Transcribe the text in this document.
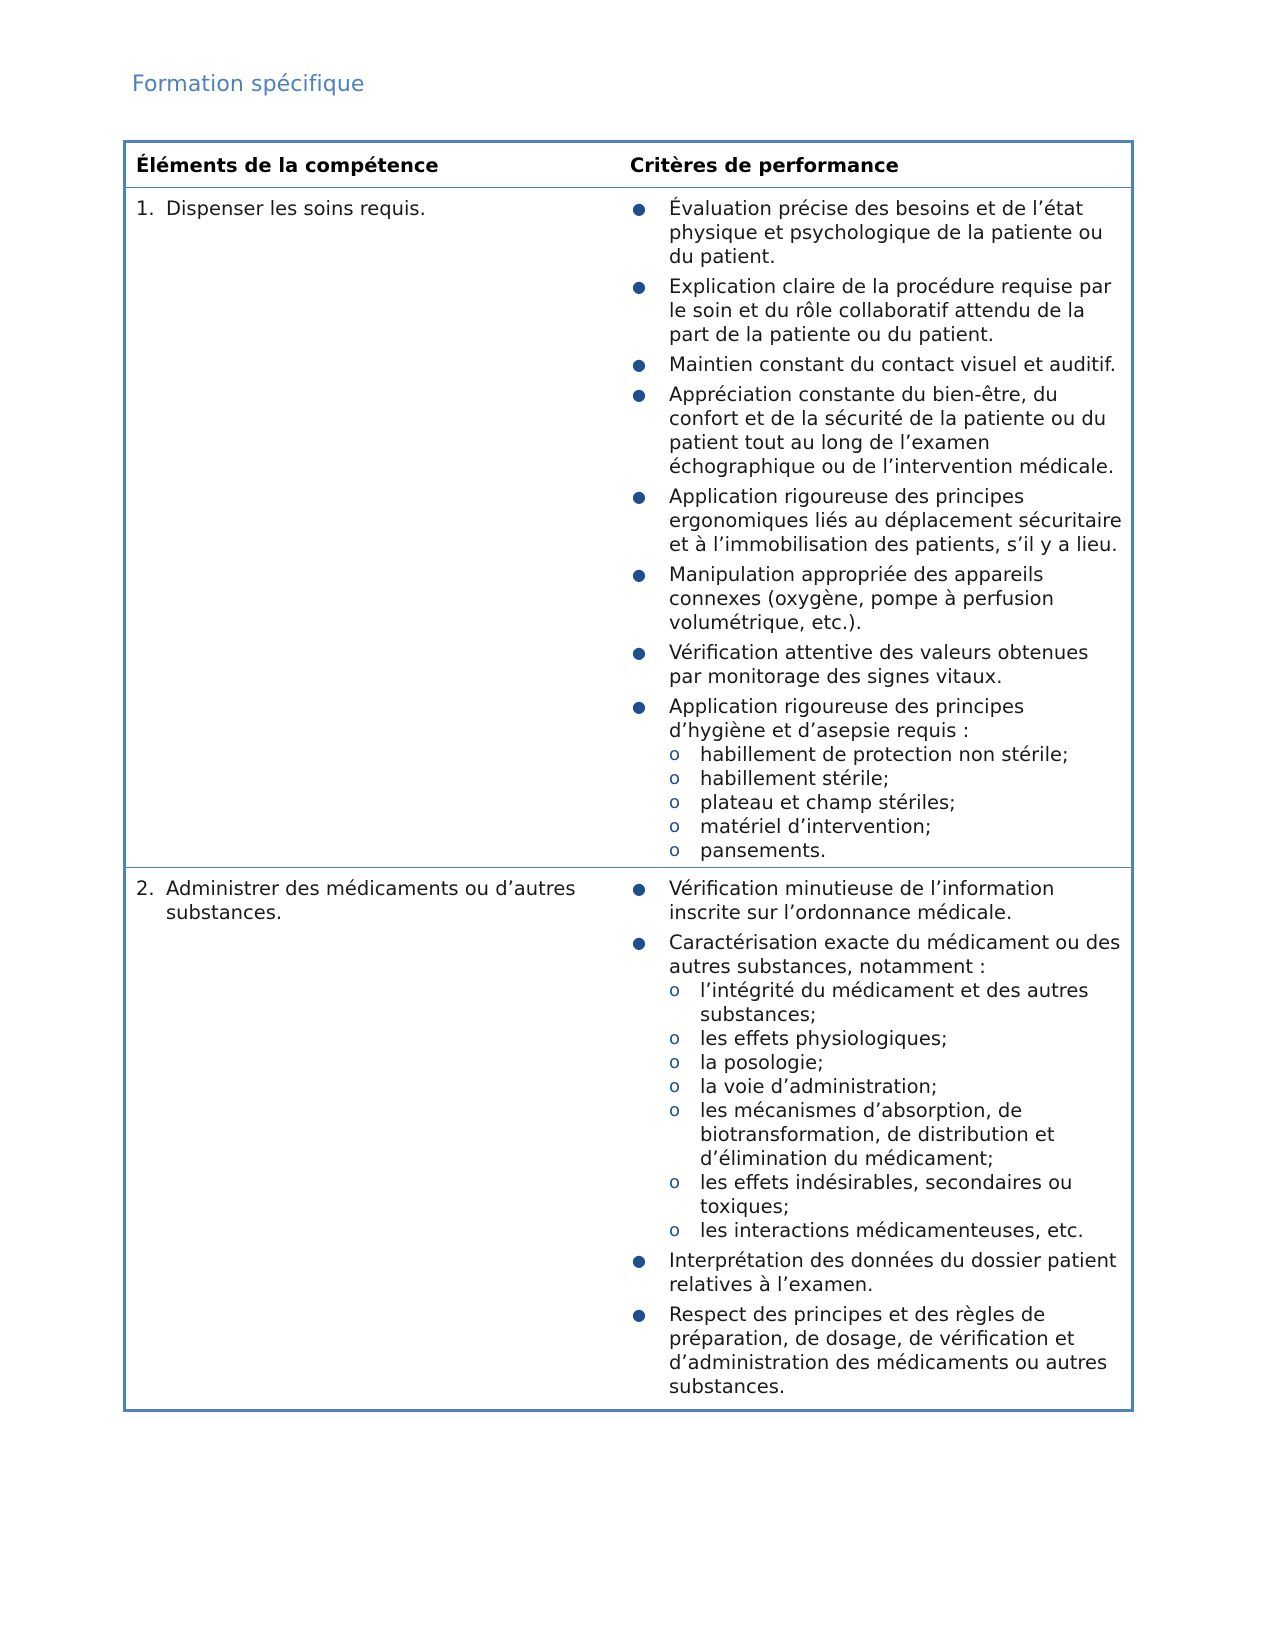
Formation spécifique
Éléments de la compétence	Critères de performance
1. Dispenser les soins requis.	●	Évaluation précise des besoins et de l’état physique et psychologique de la patiente ou du patient.
●	Explication claire de la procédure requise par le soin et du rôle collaboratif attendu de la part de la patiente ou du patient.
●	Maintien constant du contact visuel et auditif.
●	Appréciation constante du bien-être, du confort et de la sécurité de la patiente ou du patient tout au long de l’examen échographique ou de l’intervention médicale.
●	Application rigoureuse des principes ergonomiques liés au déplacement sécuritaire et à l’immobilisation des patients, s’il y a lieu.
●	Manipulation appropriée des appareils connexes (oxygène, pompe à perfusion volumétrique, etc.).
●	Vérification attentive des valeurs obtenues par monitorage des signes vitaux.
●	Application rigoureuse des principes d’hygiène et d’asepsie requis :
o	habillement de protection non stérile;
o	habillement stérile;
o	plateau et champ stériles;
o	matériel d’intervention;
o	pansements.
2. Administrer des médicaments ou d’autres substances.
●	Vérification minutieuse de l’information inscrite sur l’ordonnance médicale.
●	Caractérisation exacte du médicament ou des autres substances, notamment :
o	l’intégrité du médicament et des autres substances;
o	les effets physiologiques;
o	la posologie;
o	la voie d’administration;
o	les mécanismes d’absorption, de biotransformation, de distribution et d’élimination du médicament;
o	les effets indésirables, secondaires ou toxiques;
o	les interactions médicamenteuses, etc.
●	Interprétation des données du dossier patient relatives à l’examen.
●	Respect des principes et des règles de préparation, de dosage, de vérification et d’administration des médicaments ou autres substances.
